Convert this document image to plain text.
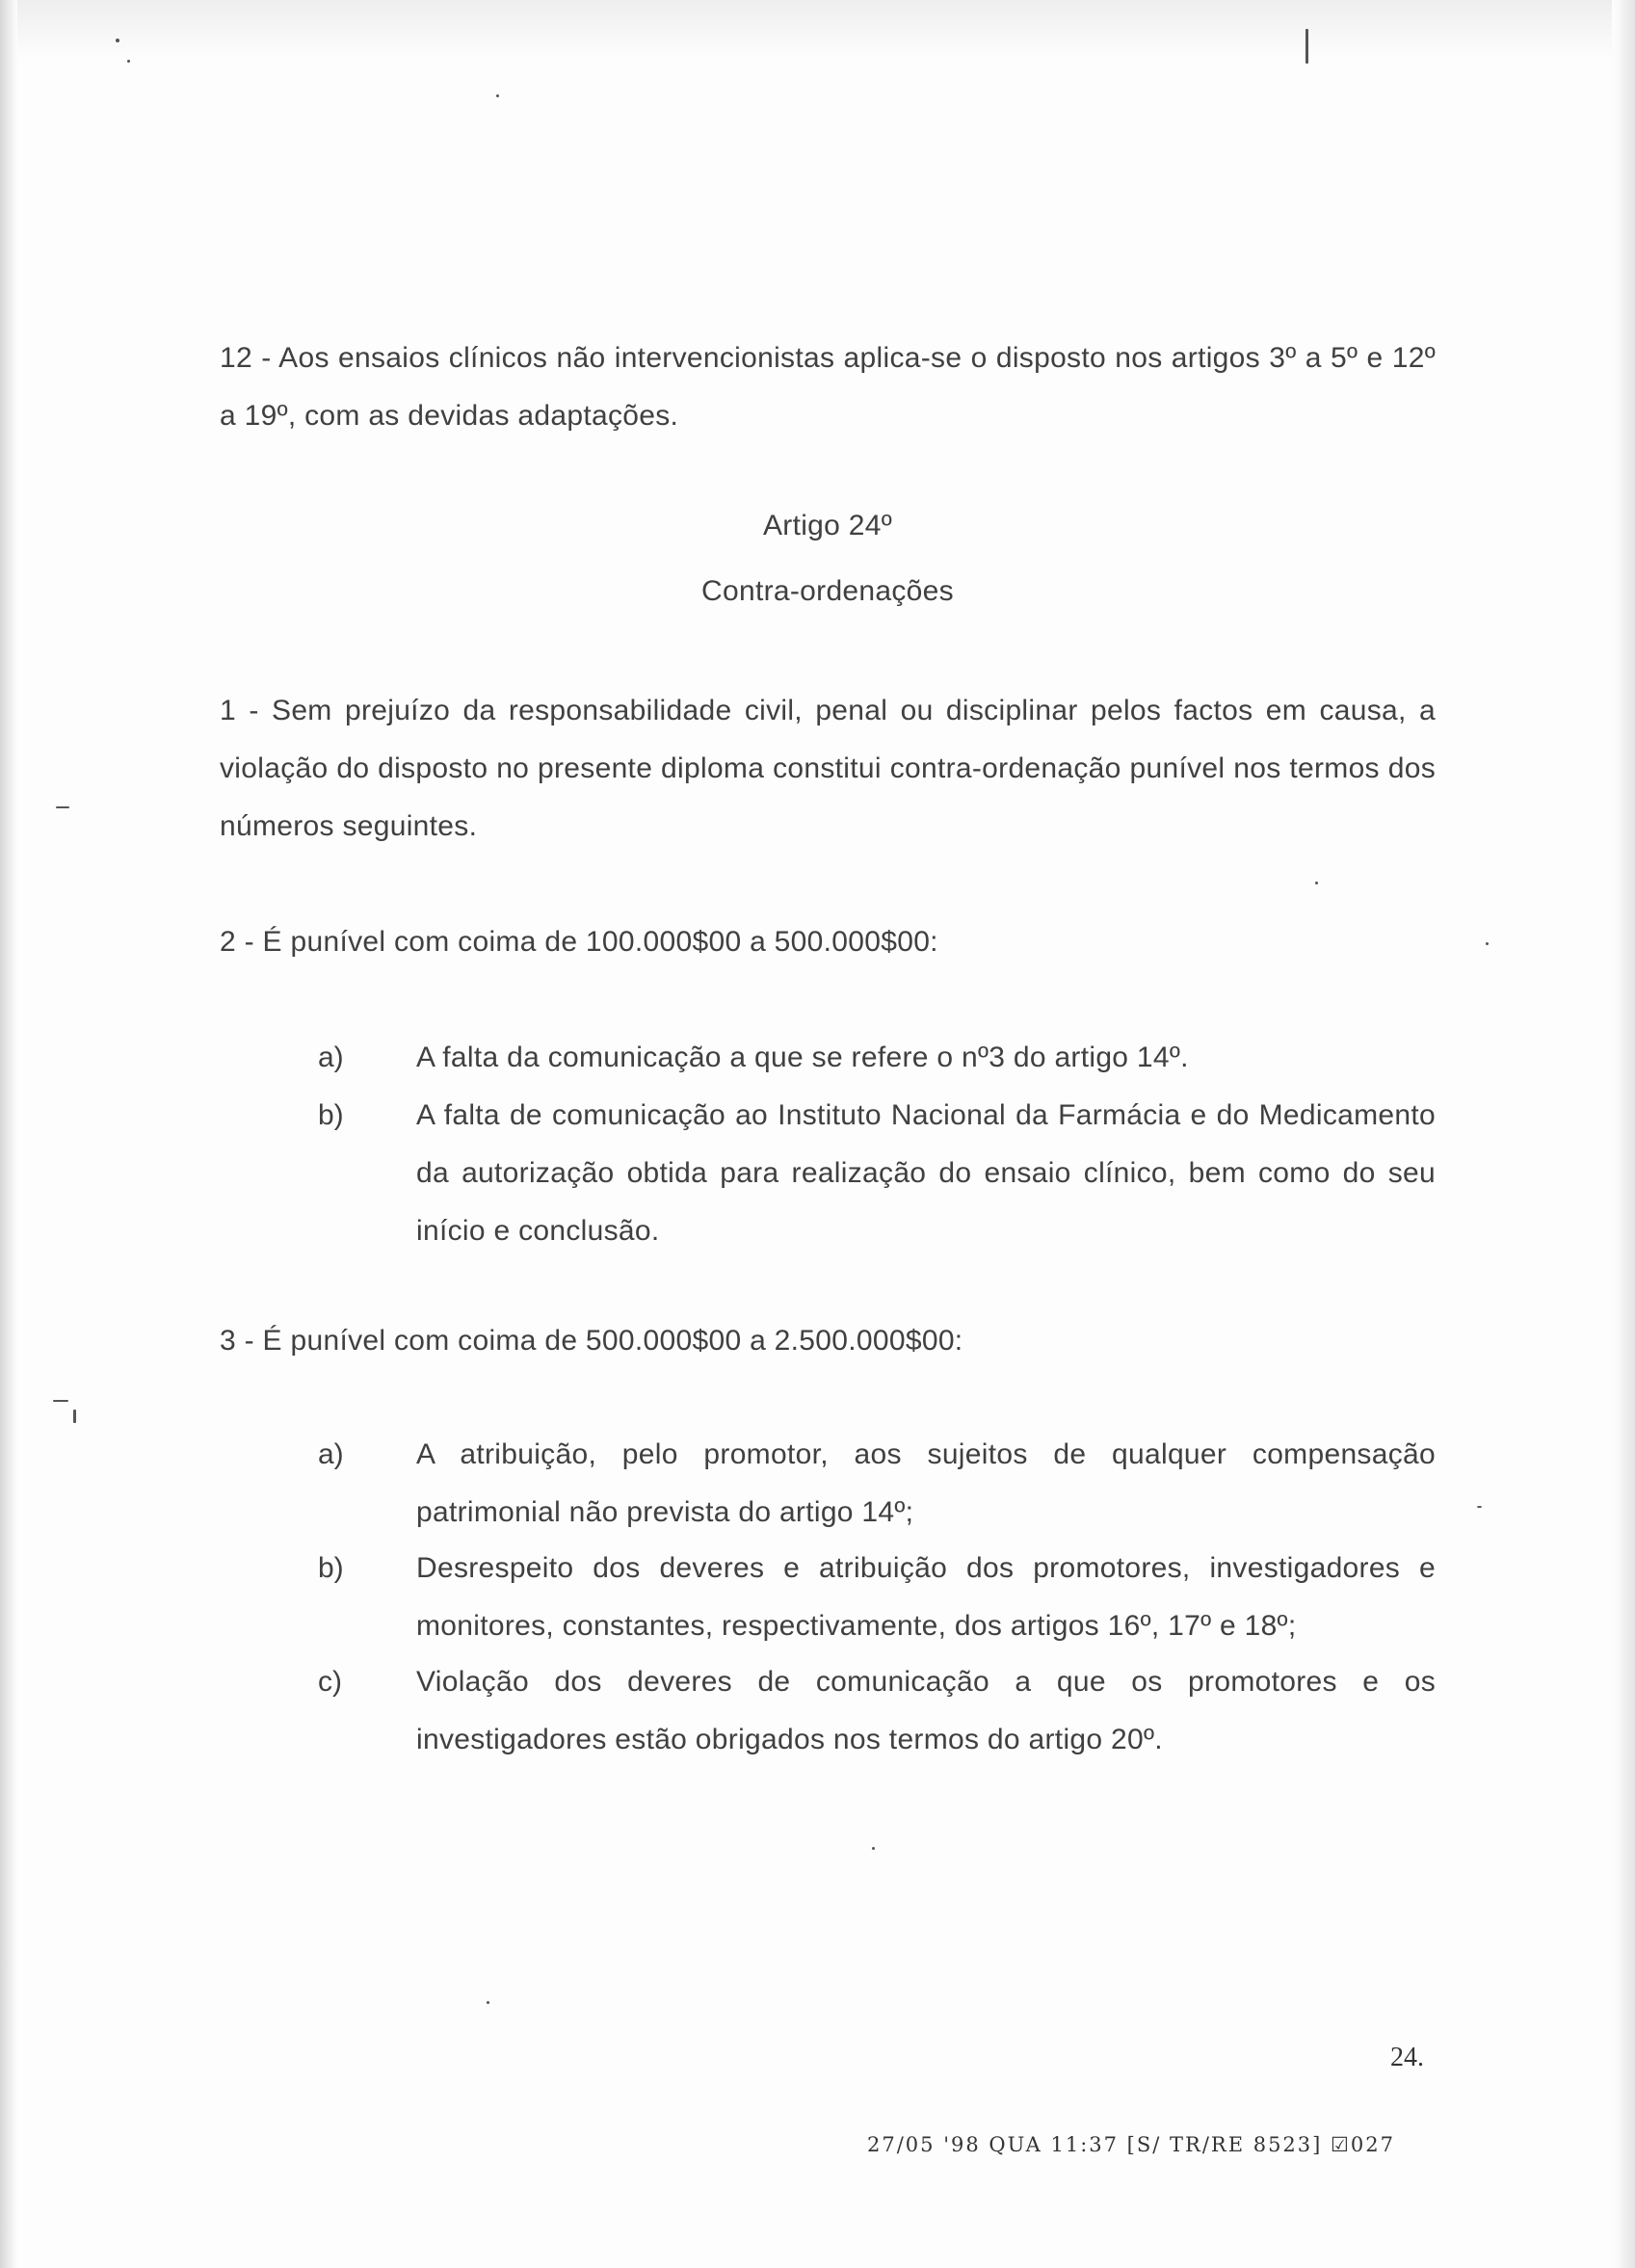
12 - Aos ensaios clínicos não intervencionistas aplica-se o disposto nos artigos 3º a 5º e 12º a 19º, com as devidas adaptações.
Artigo 24º
Contra-ordenações
1 - Sem prejuízo da responsabilidade civil, penal ou disciplinar pelos factos em causa, a violação do disposto no presente diploma constitui contra-ordenação punível nos termos dos números seguintes.
2 - É punível com coima de 100.000$00 a 500.000$00:
a)	A falta da comunicação a que se refere o nº3 do artigo 14º.
b)	A falta de comunicação ao Instituto Nacional da Farmácia e do Medicamento da autorização obtida para realização do ensaio clínico, bem como do seu início e conclusão.
3 - É punível com coima de 500.000$00 a 2.500.000$00:
a)	A atribuição, pelo promotor, aos sujeitos de qualquer compensação patrimonial não prevista do artigo 14º;
b)	Desrespeito dos deveres e atribuição dos promotores, investigadores e monitores, constantes, respectivamente, dos artigos 16º, 17º e 18º;
c)	Violação dos deveres de comunicação a que os promotores e os investigadores estão obrigados nos termos do artigo 20º.
24.
27/05 '98 QUA 11:37 [S/ TR/RE 8523] ☑027
